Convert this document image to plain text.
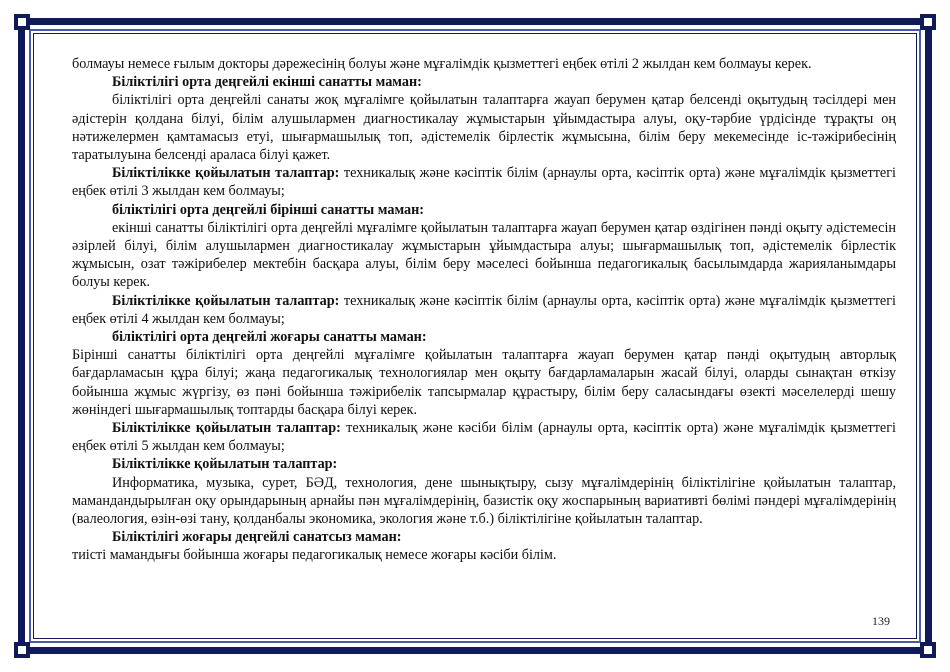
болмауы немесе ғылым докторы дәрежесінің болуы және мұғалімдік қызметтегі еңбек өтілі 2 жылдан кем болмауы керек.

Біліктілігі орта деңгейлі екінші санатты маман:

біліктілігі орта деңгейлі санаты жоқ мұғалімге қойылатын талаптарға жауап берумен қатар белсенді оқытудың тәсілдері мен әдістерін қолдана білуі, білім алушылармен диагностикалау жұмыстарын ұйымдастыра алуы, оқу-тәрбие үрдісінде тұрақты оң нәтижелермен қамтамасыз етуі, шығармашылық топ, әдістемелік бірлестік жұмысына, білім беру мекемесінде іс-тәжірибесінің таратылуына белсенді араласа білуі қажет.

Біліктілікке қойылатын талаптар: техникалық және кәсіптік білім (арнаулы орта, кәсіптік орта) және мұғалімдік қызметтегі еңбек өтілі 3 жылдан кем болмауы;

біліктілігі орта деңгейлі бірінші санатты маман:

екінші санатты біліктілігі орта деңгейлі мұғалімге қойылатын талаптарға жауап берумен қатар өздігінен пәнді оқыту әдістемесін әзірлей білуі, білім алушылармен диагностикалау жұмыстарын ұйымдастыра алуы; шығармашылық топ, әдістемелік бірлестік жұмысын, озат тәжірибелер мектебін басқара алуы, білім беру мәселесі бойынша педагогикалық басылымдарда жарияланымдары болуы керек.

Біліктілікке қойылатын талаптар: техникалық және кәсіптік білім (арнаулы орта, кәсіптік орта) және мұғалімдік қызметтегі еңбек өтілі 4 жылдан кем болмауы;

біліктілігі орта деңгейлі жоғары санатты маман:

Бірінші санатты біліктілігі орта деңгейлі мұғалімге қойылатын талаптарға жауап берумен қатар пәнді оқытудың авторлық бағдарламасын құра білуі; жаңа педагогикалық технологиялар мен оқыту бағдарламаларын жасай білуі, оларды сынақтан өткізу бойынша жұмыс жүргізу, өз пәні бойынша тәжірибелік тапсырмалар құрастыру, білім беру саласындағы өзекті мәселелерді шешу жөніндегі шығармашылық топтарды басқара білуі керек.

Біліктілікке қойылатын талаптар: техникалық және кәсіби білім (арнаулы орта, кәсіптік орта) және мұғалімдік қызметтегі еңбек өтілі 5 жылдан кем болмауы;

Біліктілікке қойылатын талаптар:

Информатика, музыка, сурет, БӘД, технология, дене шынықтыру, сызу мұғалімдерінің біліктілігіне қойылатын талаптар, мамандандырылған оқу орындарының арнайы пән мұғалімдерінің, базистік оқу жоспарының вариативті бөлімі пәндері мұғалімдерінің (валеология, өзін-өзі тану, қолданбалы экономика, экология және т.б.) біліктілігіне қойылатын талаптар.

Біліктілігі жоғары деңгейлі санатсыз маман:

тиісті мамандығы бойынша жоғары педагогикалық немесе жоғары кәсіби білім.

139
